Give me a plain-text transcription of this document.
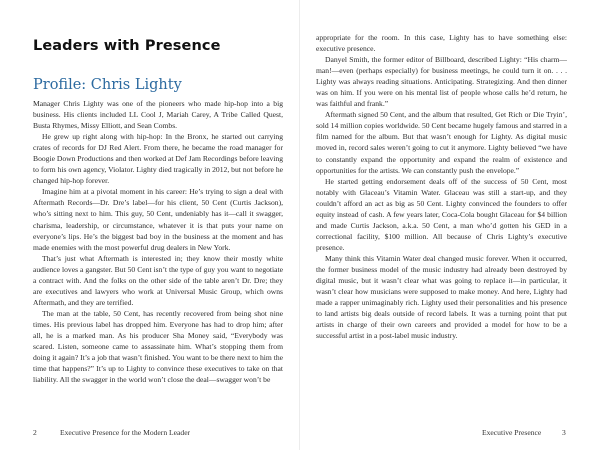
Leaders with Presence
Profile: Chris Lighty

Manager Chris Lighty was one of the pioneers who made hip-hop into a big business. His clients included LL Cool J, Mariah Carey, A Tribe Called Quest, Busta Rhymes, Missy Elliott, and Sean Combs.

He grew up right along with hip-hop: In the Bronx, he started out carrying crates of records for DJ Red Alert. From there, he became the road manager for Boogie Down Productions and then worked at Def Jam Recordings before leaving to form his own agency, Violator. Lighty died tragically in 2012, but not before he changed hip-hop forever.

Imagine him at a pivotal moment in his career: He’s trying to sign a deal with Aftermath Records—Dr. Dre’s label—for his client, 50 Cent (Curtis Jackson), who’s sitting next to him. This guy, 50 Cent, undeniably has it—call it swagger, charisma, leadership, or circumstance, whatever it is that puts your name on everyone’s lips. He’s the biggest bad boy in the business at the moment and has made enemies with the most powerful drug dealers in New York.

That’s just what Aftermath is interested in; they know their mostly white audience loves a gangster. But 50 Cent isn’t the type of guy you want to negotiate a contract with. And the folks on the other side of the table aren’t Dr. Dre; they are executives and lawyers who work at Universal Music Group, which owns Aftermath, and they are terrified.

The man at the table, 50 Cent, has recently recovered from being shot nine times. His previous label has dropped him. Everyone has had to drop him; after all, he is a marked man. As his producer Sha Money said, “Everybody was scared. Listen, someone came to assassinate him. What’s stopping them from doing it again? It’s a job that wasn’t finished. You want to be there next to him the time that happens?” It’s up to Lighty to convince these executives to take on that liability. All the swagger in the world won’t close the deal—swagger won’t be

2	Executive Presence for the Modern Leader

appropriate for the room. In this case, Lighty has to have something else: executive presence.

Danyel Smith, the former editor of Billboard, described Lighty: “His charm—man!—even (perhaps especially) for business meetings, he could turn it on. . . . Lighty was always reading situations. Anticipating. Strategizing. And then dinner was on him. If you were on his mental list of people whose calls he’d return, he was faithful and frank.”

Aftermath signed 50 Cent, and the album that resulted, Get Rich or Die Tryin’, sold 14 million copies worldwide. 50 Cent became hugely famous and starred in a film named for the album. But that wasn’t enough for Lighty. As digital music moved in, record sales weren’t going to cut it anymore. Lighty believed “we have to constantly expand the opportunity and expand the realm of existence and opportunities for the artists. We can constantly push the envelope.”

He started getting endorsement deals off of the success of 50 Cent, most notably with Glaceau’s Vitamin Water. Glaceau was still a start-up, and they couldn’t afford an act as big as 50 Cent. Lighty convinced the founders to offer equity instead of cash. A few years later, Coca-Cola bought Glaceau for $4 billion and made Curtis Jackson, a.k.a. 50 Cent, a man who’d gotten his GED in a correctional facility, $100 million. All because of Chris Lighty’s executive presence.

Many think this Vitamin Water deal changed music forever. When it occurred, the former business model of the music industry had already been destroyed by digital music, but it wasn’t clear what was going to replace it—in particular, it wasn’t clear how musicians were supposed to make money. And here, Lighty had made a rapper unimaginably rich. Lighty used their personalities and his presence to land artists big deals outside of record labels. It was a turning point that put artists in charge of their own careers and provided a model for how to be a successful artist in a post-label music industry.

Executive Presence	3
